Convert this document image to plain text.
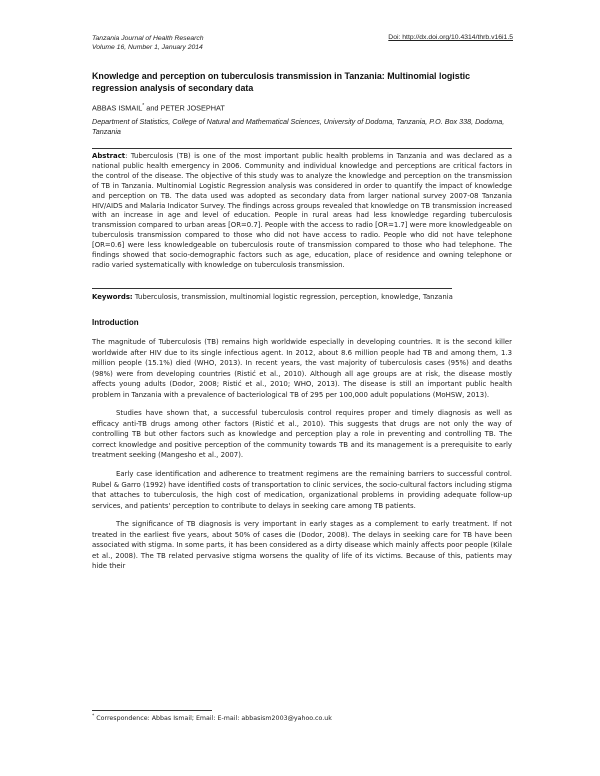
Tanzania Journal of Health Research
Volume 16, Number 1, January 2014
Doi: http://dx.doi.org/10.4314/thrb.v16i1.5
Knowledge and perception on tuberculosis transmission in Tanzania: Multinomial logistic regression analysis of secondary data
ABBAS ISMAIL* and PETER JOSEPHAT
Department of Statistics, College of Natural and Mathematical Sciences, University of Dodoma, Tanzania, P.O. Box 338, Dodoma, Tanzania
Abstract: Tuberculosis (TB) is one of the most important public health problems in Tanzania and was declared as a national public health emergency in 2006. Community and individual knowledge and perceptions are critical factors in the control of the disease. The objective of this study was to analyze the knowledge and perception on the transmission of TB in Tanzania. Multinomial Logistic Regression analysis was considered in order to quantify the impact of knowledge and perception on TB. The data used was adopted as secondary data from larger national survey 2007-08 Tanzania HIV/AIDS and Malaria Indicator Survey. The findings across groups revealed that knowledge on TB transmission increased with an increase in age and level of education. People in rural areas had less knowledge regarding tuberculosis transmission compared to urban areas [OR=0.7]. People with the access to radio [OR=1.7] were more knowledgeable on tuberculosis transmission compared to those who did not have access to radio. People who did not have telephone [OR=0.6] were less knowledgeable on tuberculosis route of transmission compared to those who had telephone. The findings showed that socio-demographic factors such as age, education, place of residence and owning telephone or radio varied systematically with knowledge on tuberculosis transmission.
Keywords: Tuberculosis, transmission, multinomial logistic regression, perception, knowledge, Tanzania
Introduction

The magnitude of Tuberculosis (TB) remains high worldwide especially in developing countries. It is the second killer worldwide after HIV due to its single infectious agent. In 2012, about 8.6 million people had TB and among them, 1.3 million people (15.1%) died (WHO, 2013). In recent years, the vast majority of tuberculosis cases (95%) and deaths (98%) were from developing countries (Ristić et al., 2010). Although all age groups are at risk, the disease mostly affects young adults (Dodor, 2008; Ristić et al., 2010; WHO, 2013). The disease is still an important public health problem in Tanzania with a prevalence of bacteriological TB of 295 per 100,000 adult populations (MoHSW, 2013).

Studies have shown that, a successful tuberculosis control requires proper and timely diagnosis as well as efficacy anti-TB drugs among other factors (Ristić et al., 2010). This suggests that drugs are not only the way of controlling TB but other factors such as knowledge and perception play a role in preventing and controlling TB. The correct knowledge and positive perception of the community towards TB and its management is a prerequisite to early treatment seeking (Mangesho et al., 2007).

Early case identification and adherence to treatment regimens are the remaining barriers to successful control. Rubel & Garro (1992) have identified costs of transportation to clinic services, the socio-cultural factors including stigma that attaches to tuberculosis, the high cost of medication, organizational problems in providing adequate follow-up services, and patients' perception to contribute to delays in seeking care among TB patients.

The significance of TB diagnosis is very important in early stages as a complement to early treatment. If not treated in the earliest five years, about 50% of cases die (Dodor, 2008). The delays in seeking care for TB have been associated with stigma. In some parts, it has been considered as a dirty disease which mainly affects poor people (Kilale et al., 2008). The TB related pervasive stigma worsens the quality of life of its victims. Because of this, patients may hide their

* Correspondence: Abbas Ismail; Email: E-mail: abbasism2003@yahoo.co.uk
